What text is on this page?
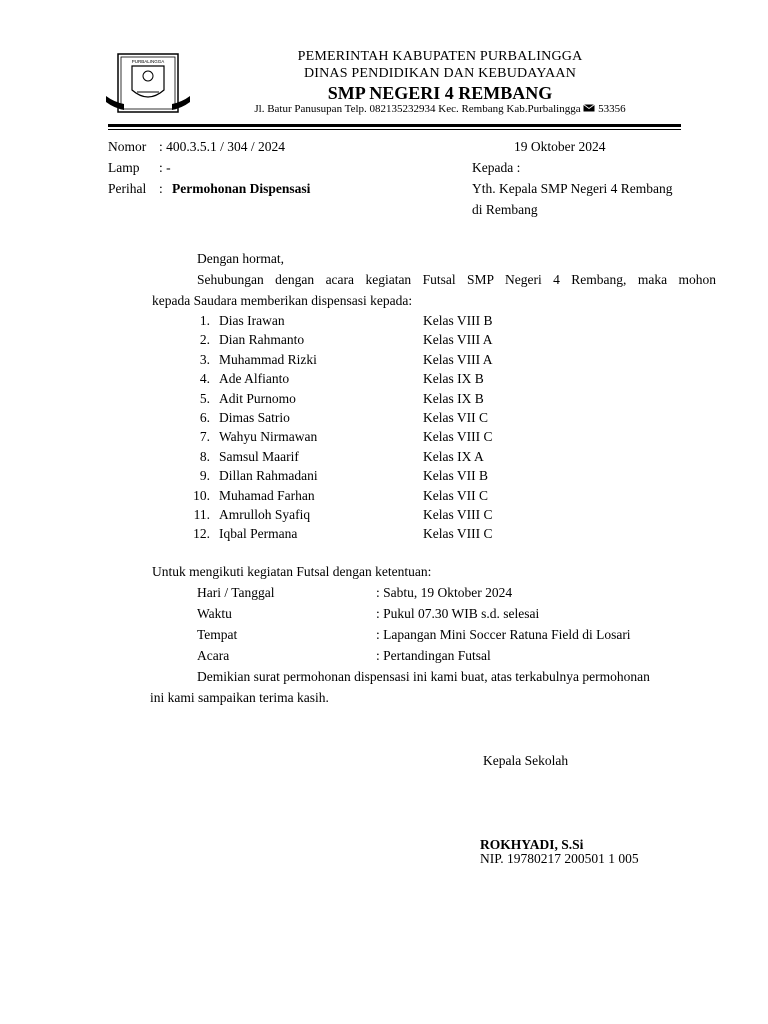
PURBALINGGA	PEMERINTAH KABUPATEN PURBALINGGA
DINAS PENDIDIKAN DAN KEBUDAYAAN
SMP NEGERI 4 REMBANG
Jl. Batur Panusupan Telp. 082135232934 Kec. Rembang Kab.Purbalingga 53356
Nomor : 400.3.5.1 / 304 / 2024
Lamp : -
Perihal : Permohonan Dispensasi
19 Oktober 2024
Kepada :
Yth. Kepala SMP Negeri 4 Rembang
di Rembang
Dengan hormat,
Sehubungan dengan acara kegiatan Futsal SMP Negeri 4 Rembang, maka mohon
kepada Saudara memberikan dispensasi kepada:
1. Dias Irawan	Kelas VIII B
2. Dian Rahmanto	Kelas VIII A
3. Muhammad Rizki	Kelas VIII A
4. Ade Alfianto	Kelas IX B
5. Adit Purnomo	Kelas IX B
6. Dimas Satrio	Kelas VII C
7. Wahyu Nirmawan	Kelas VIII C
8. Samsul Maarif	Kelas IX A
9. Dillan Rahmadani	Kelas VII B
10. Muhamad Farhan	Kelas VII C
11. Amrulloh Syafiq	Kelas VIII C
12. Iqbal Permana	Kelas VIII C
Untuk mengikuti kegiatan Futsal dengan ketentuan:
Hari / Tanggal	: Sabtu, 19 Oktober 2024
Waktu	: Pukul 07.30 WIB s.d. selesai
Tempat	: Lapangan Mini Soccer Ratuna Field di Losari
Acara	: Pertandingan Futsal
Demikian surat permohonan dispensasi ini kami buat, atas terkabulnya permohonan
ini kami sampaikan terima kasih.
Kepala Sekolah
ROKHYADI, S.Si
NIP. 19780217 200501 1 005
